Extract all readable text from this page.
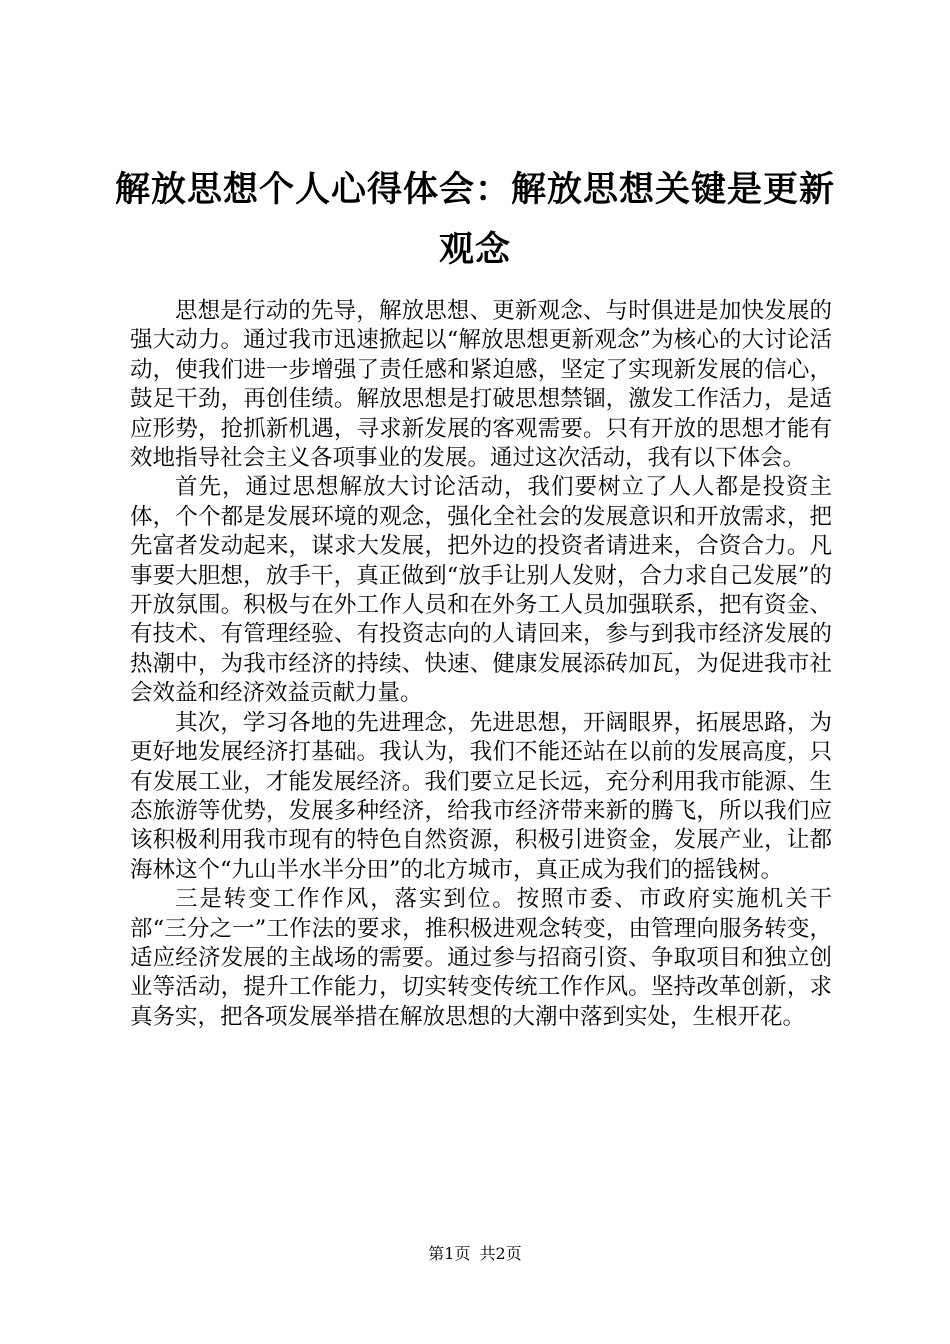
解放思想个人心得体会：解放思想关键是更新观念

思想是行动的先导，解放思想、更新观念、与时俱进是加快发展的强大动力。通过我市迅速掀起以“解放思想更新观念”为核心的大讨论活动，使我们进一步增强了责任感和紧迫感，坚定了实现新发展的信心，鼓足干劲，再创佳绩。解放思想是打破思想禁锢，激发工作活力，是适应形势，抢抓新机遇，寻求新发展的客观需要。只有开放的思想才能有效地指导社会主义各项事业的发展。通过这次活动，我有以下体会。

首先，通过思想解放大讨论活动，我们要树立了人人都是投资主体，个个都是发展环境的观念，强化全社会的发展意识和开放需求，把先富者发动起来，谋求大发展，把外边的投资者请进来，合资合力。凡事要大胆想，放手干，真正做到“放手让别人发财，合力求自己发展”的开放氛围。积极与在外工作人员和在外务工人员加强联系，把有资金、有技术、有管理经验、有投资志向的人请回来，参与到我市经济发展的热潮中，为我市经济的持续、快速、健康发展添砖加瓦，为促进我市社会效益和经济效益贡献力量。

其次，学习各地的先进理念，先进思想，开阔眼界，拓展思路，为更好地发展经济打基础。我认为，我们不能还站在以前的发展高度，只有发展工业，才能发展经济。我们要立足长远，充分利用我市能源、生态旅游等优势，发展多种经济，给我市经济带来新的腾飞，所以我们应该积极利用我市现有的特色自然资源，积极引进资金，发展产业，让都海林这个“九山半水半分田”的北方城市，真正成为我们的摇钱树。

三是转变工作作风，落实到位。按照市委、市政府实施机关干部“三分之一”工作法的要求，推积极进观念转变，由管理向服务转变，适应经济发展的主战场的需要。通过参与招商引资、争取项目和独立创业等活动，提升工作能力，切实转变传统工作作风。坚持改革创新，求真务实，把各项发展举措在解放思想的大潮中落到实处，生根开花。

第1页 共2页
